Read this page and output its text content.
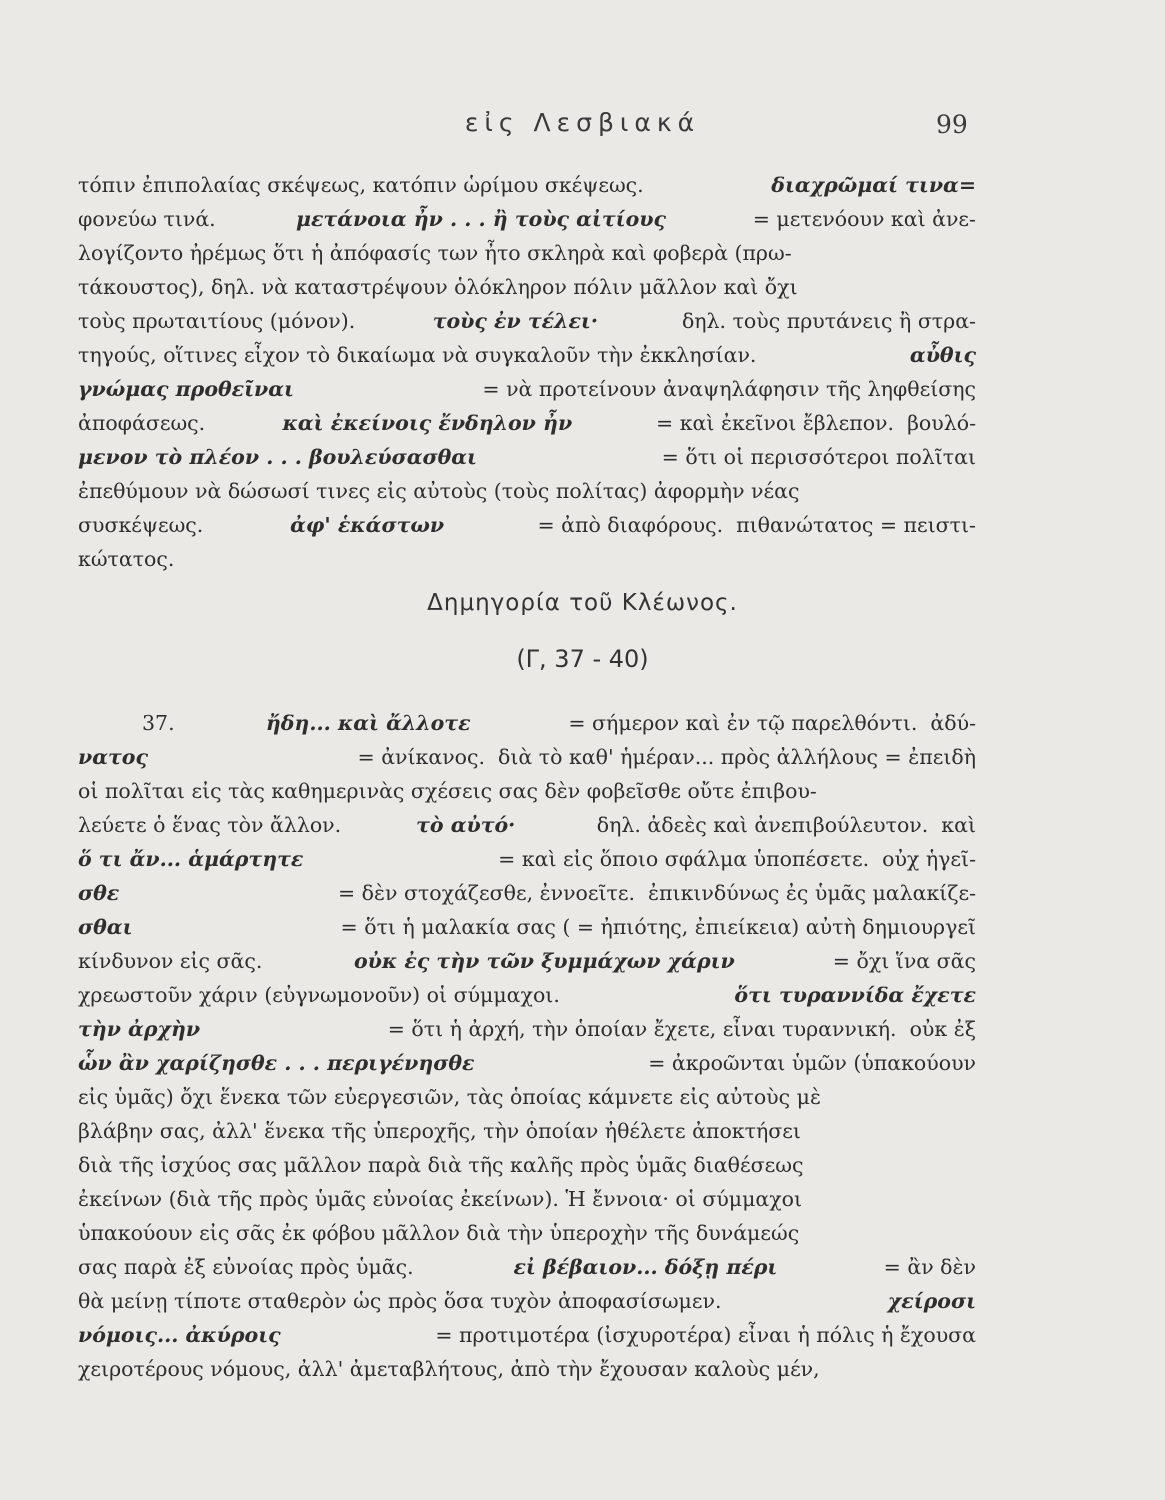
εἰς Λεσβιακά	99
τόπιν ἐπιπολαίας σκέψεως, κατόπιν ὡρίμου σκέψεως.	διαχρῶμαί τινα=
φονεύω τινά.	μετάνοια ἦν . . . ἢ τοὺς αἰτίους	= μετενόουν καὶ ἀνε-
λογίζοντο ἠρέμως ὅτι ἡ ἀπόφασίς των ἦτο σκληρὰ καὶ φοβερὰ (πρω-
τάκουστος), δηλ. νὰ καταστρέψουν ὁλόκληρον πόλιν μᾶλλον καὶ ὄχι
τοὺς πρωταιτίους (μόνον).	τοὺς ἐν τέλει·	δηλ. τοὺς πρυτάνεις ἢ στρα-
τηγούς, οἵτινες εἶχον τὸ δικαίωμα νὰ συγκαλοῦν τὴν ἐκκλησίαν.	αὖθις
γνώμας προθεῖναι	= νὰ προτείνουν ἀναψηλάφησιν τῆς ληφθείσης
ἀποφάσεως.	καὶ ἐκείνοις ἔνδηλον ἦν	= καὶ ἐκεῖνοι ἔβλεπον.  βουλό-
μενον τὸ πλέον . . . βουλεύσασθαι	= ὅτι οἱ περισσότεροι πολῖται
ἐπεθύμουν νὰ δώσωσί τινες εἰς αὐτοὺς (τοὺς πολίτας) ἀφορμὴν νέας
συσκέψεως.	ἀφ' ἑκάστων	= ἀπὸ διαφόρους.  πιθανώτατος = πειστι-
κώτατος.
Δημηγορία τοῦ Κλέωνος.
(Γ, 37 - 40)
37.	ἤδη... καὶ ἄλλοτε	= σήμερον καὶ ἐν τῷ παρελθόντι.  ἀδύ-
νατος	= ἀνίκανος.  διὰ τὸ καθ' ἡμέραν... πρὸς ἀλλήλους = ἐπειδὴ
οἱ πολῖται εἰς τὰς καθημερινὰς σχέσεις σας δὲν φοβεῖσθε οὔτε ἐπιβου-
λεύετε ὁ ἕνας τὸν ἄλλον.	τὸ αὐτό·	δηλ. ἀδεὲς καὶ ἀνεπιβούλευτον.  καὶ
ὅ τι ἄν... ἁμάρτητε	= καὶ εἰς ὅποιο σφάλμα ὑποπέσετε.  οὐχ ἡγεῖ-
σθε	= δὲν στοχάζεσθε, ἐννοεῖτε.  ἐπικινδύνως ἐς ὑμᾶς μαλακίζε-
σθαι	= ὅτι ἡ μαλακία σας ( = ἠπιότης, ἐπιείκεια) αὐτὴ δημιουργεῖ
κίνδυνον εἰς σᾶς.	οὐκ ἐς τὴν τῶν ξυμμάχων χάριν	= ὄχι ἵνα σᾶς
χρεωστοῦν χάριν (εὐγνωμονοῦν) οἱ σύμμαχοι.	ὅτι τυραννίδα ἔχετε
τὴν ἀρχὴν	= ὅτι ἡ ἀρχή, τὴν ὁποίαν ἔχετε, εἶναι τυραννική.  οὐκ ἐξ
ὧν ἂν χαρίζησθε . . . περιγένησθε	= ἀκροῶνται ὑμῶν (ὑπακούουν
εἰς ὑμᾶς) ὄχι ἕνεκα τῶν εὐεργεσιῶν, τὰς ὁποίας κάμνετε εἰς αὐτοὺς μὲ
βλάβην σας, ἀλλ' ἕνεκα τῆς ὑπεροχῆς, τὴν ὁποίαν ἠθέλετε ἀποκτήσει
διὰ τῆς ἰσχύος σας μᾶλλον παρὰ διὰ τῆς καλῆς πρὸς ὑμᾶς διαθέσεως
ἐκείνων (διὰ τῆς πρὸς ὑμᾶς εὐνοίας ἐκείνων). Ἡ ἔννοια· οἱ σύμμαχοι
ὑπακούουν εἰς σᾶς ἐκ φόβου μᾶλλον διὰ τὴν ὑπεροχὴν τῆς δυνάμεώς
σας παρὰ ἐξ εὐνοίας πρὸς ὑμᾶς.	εἰ βέβαιον... δόξῃ πέρι	= ἂν δὲν
θὰ μείνῃ τίποτε σταθερὸν ὡς πρὸς ὅσα τυχὸν ἀποφασίσωμεν.	χείροσι
νόμοις... ἀκύροις	= προτιμοτέρα (ἰσχυροτέρα) εἶναι ἡ πόλις ἡ ἔχουσα
χειροτέρους νόμους, ἀλλ' ἀμεταβλήτους, ἀπὸ τὴν ἔχουσαν καλοὺς μέν,
